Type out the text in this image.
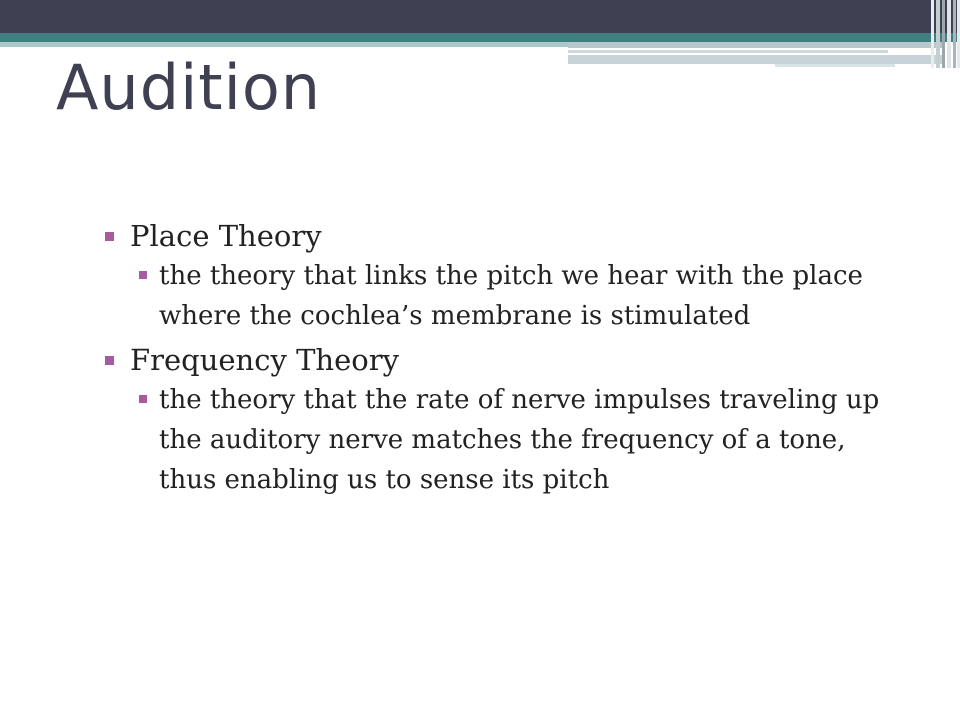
Audition
Place Theory
the theory that links the pitch we hear with the place where the cochlea’s membrane is stimulated
Frequency Theory
the theory that the rate of nerve impulses traveling up the auditory nerve matches the frequency of a tone, thus enabling us to sense its pitch
